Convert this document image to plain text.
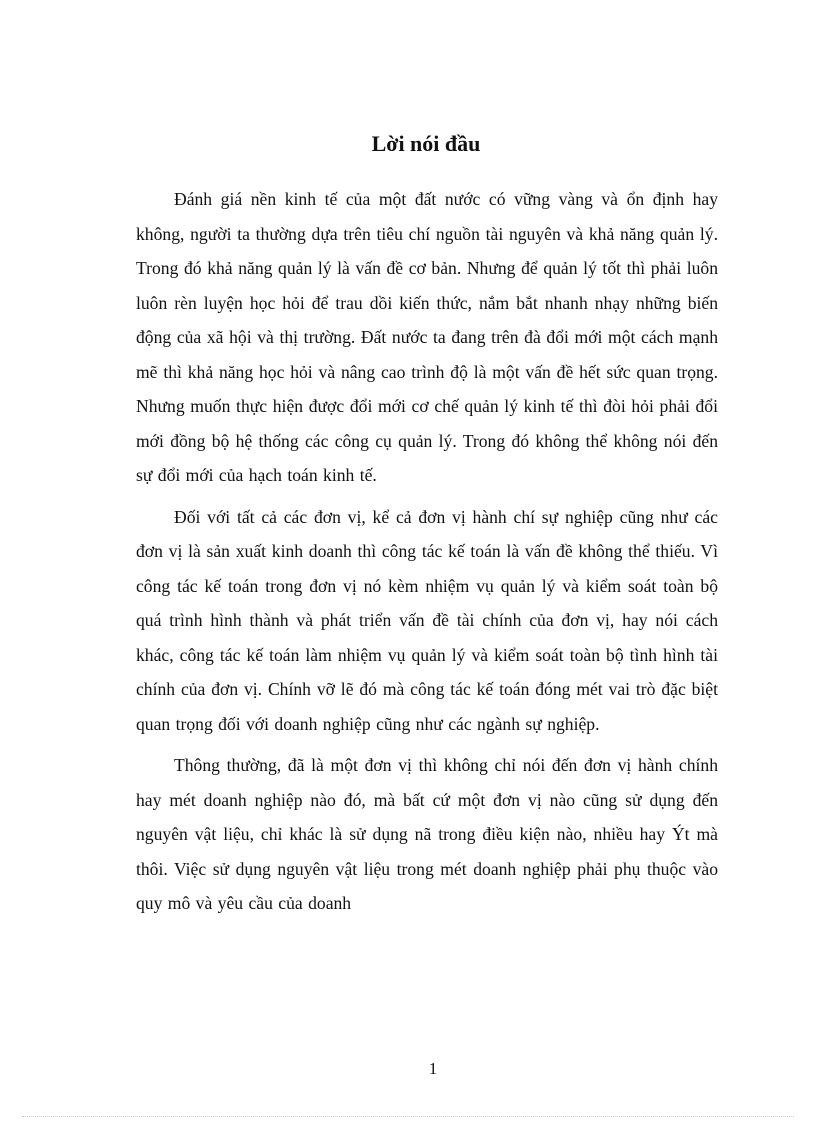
Lời nói đầu

Đánh giá nền kinh tế của một đất nước có vững vàng và ổn định hay không, người ta thường dựa trên tiêu chí nguồn tài nguyên và khả năng quản lý. Trong đó khả năng quản lý là vấn đề cơ bản. Nhưng để quản lý tốt thì phải luôn luôn rèn luyện học hỏi để trau dồi kiến thức, nắm bắt nhanh nhạy những biến động của xã hội và thị trường. Đất nước ta đang trên đà đổi mới một cách mạnh mẽ thì khả năng học hỏi và nâng cao trình độ là một vấn đề hết sức quan trọng. Nhưng muốn thực hiện được đổi mới cơ chế quản lý kinh tế thì đòi hỏi phải đổi mới đồng bộ hệ thống các công cụ quản lý. Trong đó không thể không nói đến sự đổi mới của hạch toán kinh tế.

Đối với tất cả các đơn vị, kể cả đơn vị hành chí sự nghiệp cũng như các đơn vị là sản xuất kinh doanh thì công tác kế toán là vấn đề không thể thiếu. Vì công tác kế toán trong đơn vị nó kèm nhiệm vụ quản lý và kiểm soát toàn bộ quá trình hình thành và phát triển vấn đề tài chính của đơn vị, hay nói cách khác, công tác kế toán làm nhiệm vụ quản lý và kiểm soát toàn bộ tình hình tài chính của đơn vị. Chính vỡ lẽ đó mà công tác kế toán đóng mét vai trò đặc biệt quan trọng đối với doanh nghiệp cũng như các ngành sự nghiệp.

Thông thường, đã là một đơn vị thì không chỉ nói đến đơn vị hành chính hay mét doanh nghiệp nào đó, mà bất cứ một đơn vị nào cũng sử dụng đến nguyên vật liệu, chỉ khác là sử dụng nã trong điều kiện nào, nhiều hay Ýt mà thôi. Việc sử dụng nguyên vật liệu trong mét doanh nghiệp phải phụ thuộc vào quy mô và yêu cầu của doanh

1
